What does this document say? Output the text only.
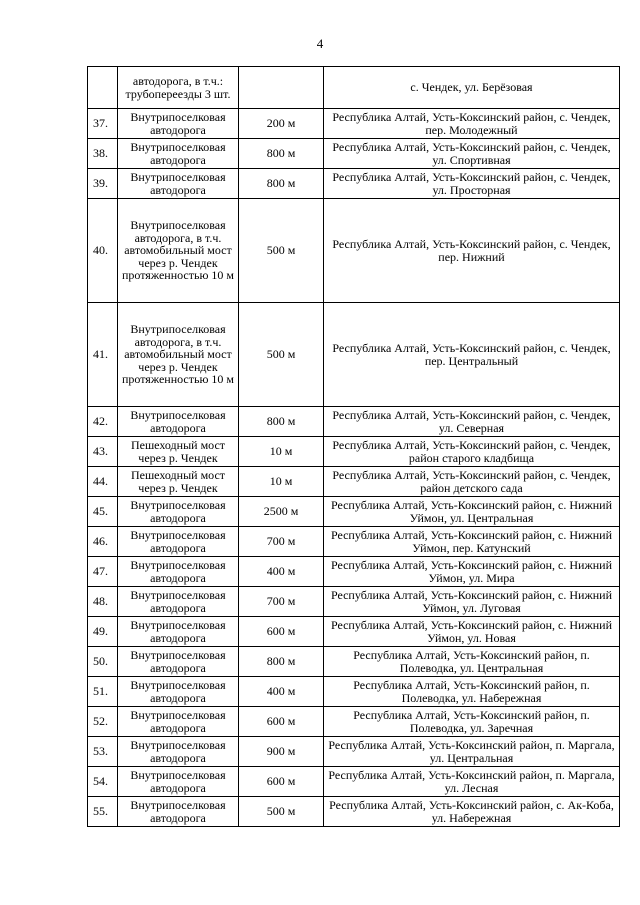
4
	автодорога, в т.ч.: трубопереезды 3 шт.		с. Чендек, ул. Берёзовая
37.	Внутрипоселковая автодорога	200 м	Республика Алтай, Усть-Коксинский район, с. Чендек, пер. Молодежный
38.	Внутрипоселковая автодорога	800 м	Республика Алтай, Усть-Коксинский район, с. Чендек, ул. Спортивная
39.	Внутрипоселковая автодорога	800 м	Республика Алтай, Усть-Коксинский район, с. Чендек, ул. Просторная
40.	Внутрипоселковая автодорога, в т.ч. автомобильный мост через р. Чендек протяженностью 10 м	500 м	Республика Алтай, Усть-Коксинский район, с. Чендек, пер. Нижний
41.	Внутрипоселковая автодорога, в т.ч. автомобильный мост через р. Чендек протяженностью 10 м	500 м	Республика Алтай, Усть-Коксинский район, с. Чендек, пер. Центральный
42.	Внутрипоселковая автодорога	800 м	Республика Алтай, Усть-Коксинский район, с. Чендек, ул. Северная
43.	Пешеходный мост через р. Чендек	10 м	Республика Алтай, Усть-Коксинский район, с. Чендек, район старого кладбища
44.	Пешеходный мост через р. Чендек	10 м	Республика Алтай, Усть-Коксинский район, с. Чендек, район детского сада
45.	Внутрипоселковая автодорога	2500 м	Республика Алтай, Усть-Коксинский район, с. Нижний Уймон, ул. Центральная
46.	Внутрипоселковая автодорога	700 м	Республика Алтай, Усть-Коксинский район, с. Нижний Уймон, пер. Катунский
47.	Внутрипоселковая автодорога	400 м	Республика Алтай, Усть-Коксинский район, с. Нижний Уймон, ул. Мира
48.	Внутрипоселковая автодорога	700 м	Республика Алтай, Усть-Коксинский район, с. Нижний Уймон, ул. Луговая
49.	Внутрипоселковая автодорога	600 м	Республика Алтай, Усть-Коксинский район, с. Нижний Уймон, ул. Новая
50.	Внутрипоселковая автодорога	800 м	Республика Алтай, Усть-Коксинский район, п. Полеводка, ул. Центральная
51.	Внутрипоселковая автодорога	400 м	Республика Алтай, Усть-Коксинский район, п. Полеводка, ул. Набережная
52.	Внутрипоселковая автодорога	600 м	Республика Алтай, Усть-Коксинский район, п. Полеводка, ул. Заречная
53.	Внутрипоселковая автодорога	900 м	Республика Алтай, Усть-Коксинский район, п. Маргала, ул. Центральная
54.	Внутрипоселковая автодорога	600 м	Республика Алтай, Усть-Коксинский район, п. Маргала, ул. Лесная
55.	Внутрипоселковая автодорога	500 м	Республика Алтай, Усть-Коксинский район, с. Ак-Коба, ул. Набережная
